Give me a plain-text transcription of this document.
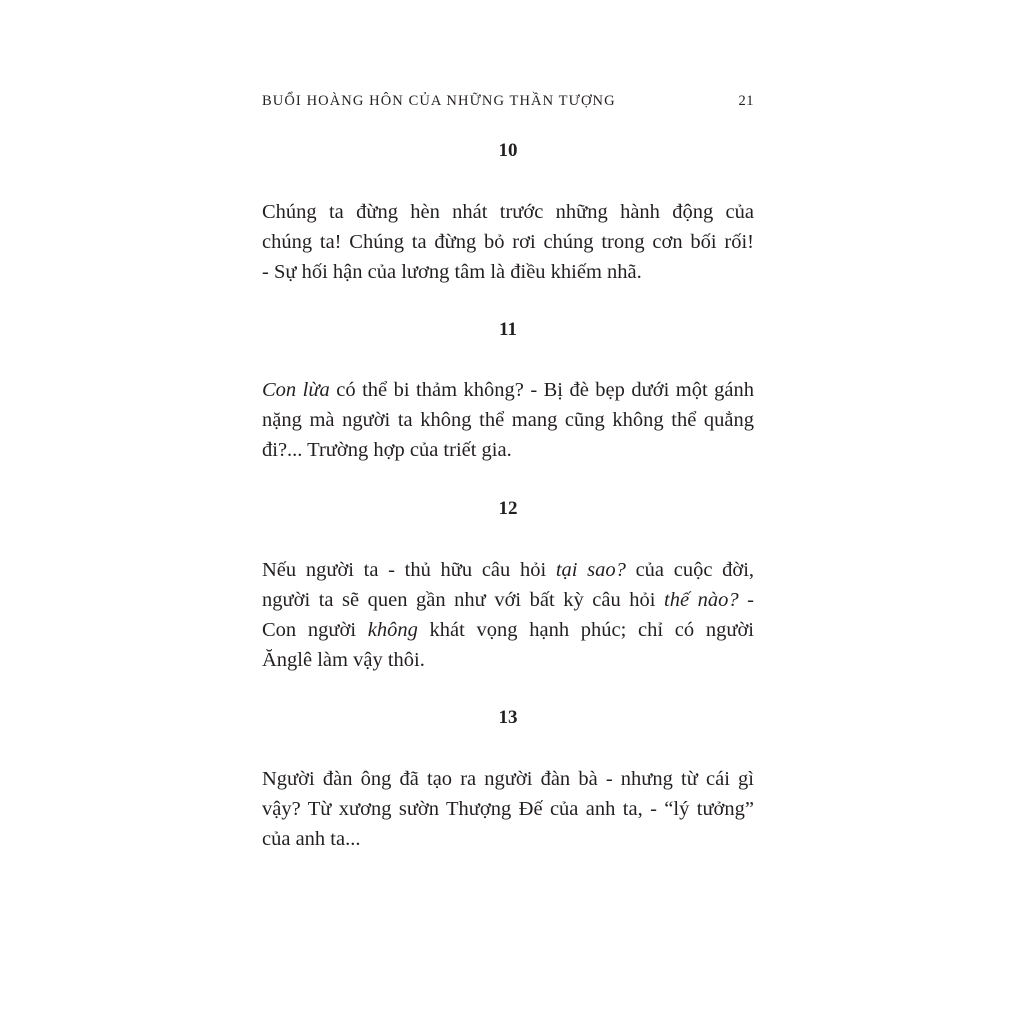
BUỔI HOÀNG HÔN CỦA NHỮNG THẦN TƯỢNG	21
10
Chúng ta đừng hèn nhát trước những hành động của
chúng ta! Chúng ta đừng bỏ rơi chúng trong cơn bối rối!
- Sự hối hận của lương tâm là điều khiếm nhã.
11
Con lừa có thể bi thảm không? - Bị đè bẹp dưới một gánh
nặng mà người ta không thể mang cũng không thể quẳng
đi?... Trường hợp của triết gia.
12
Nếu người ta - thủ hữu câu hỏi tại sao? của cuộc đời,
người ta sẽ quen gần như với bất kỳ câu hỏi thế nào? -
Con người không khát vọng hạnh phúc; chỉ có người
Ănglê làm vậy thôi.
13
Người đàn ông đã tạo ra người đàn bà - nhưng từ cái gì
vậy? Từ xương sườn Thượng Đế của anh ta, - “lý tưởng”
của anh ta...
